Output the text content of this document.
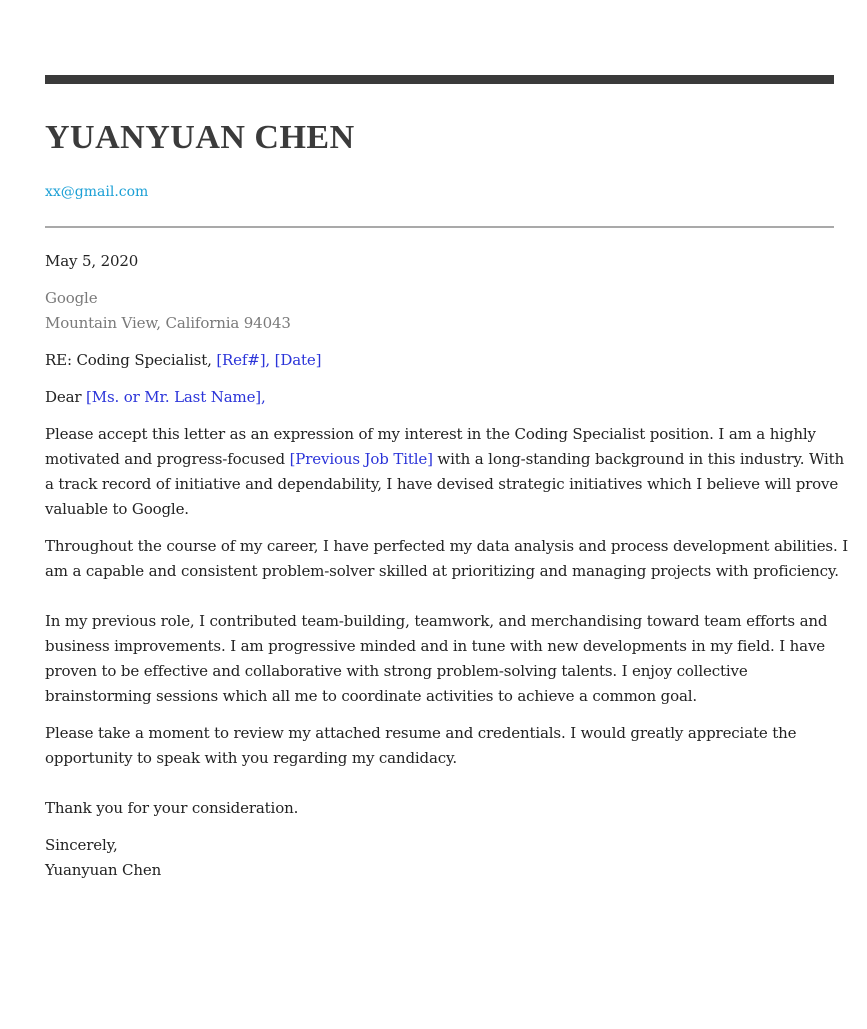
YUANYUAN CHEN
xx@gmail.com
May 5, 2020
Google
Mountain View, California 94043
RE: Coding Specialist, [Ref#], [Date]
Dear [Ms. or Mr. Last Name],
Please accept this letter as an expression of my interest in the Coding Specialist position. I am a highly
motivated and progress-focused [Previous Job Title] with a long-standing background in this industry. With
a track record of initiative and dependability, I have devised strategic initiatives which I believe will prove
valuable to Google.
Throughout the course of my career, I have perfected my data analysis and process development abilities. I
am a capable and consistent problem-solver skilled at prioritizing and managing projects with proficiency.
In my previous role, I contributed team-building, teamwork, and merchandising toward team efforts and
business improvements. I am progressive minded and in tune with new developments in my field. I have
proven to be effective and collaborative with strong problem-solving talents. I enjoy collective
brainstorming sessions which all me to coordinate activities to achieve a common goal.
Please take a moment to review my attached resume and credentials. I would greatly appreciate the
opportunity to speak with you regarding my candidacy.
Thank you for your consideration.
Sincerely,
Yuanyuan Chen
